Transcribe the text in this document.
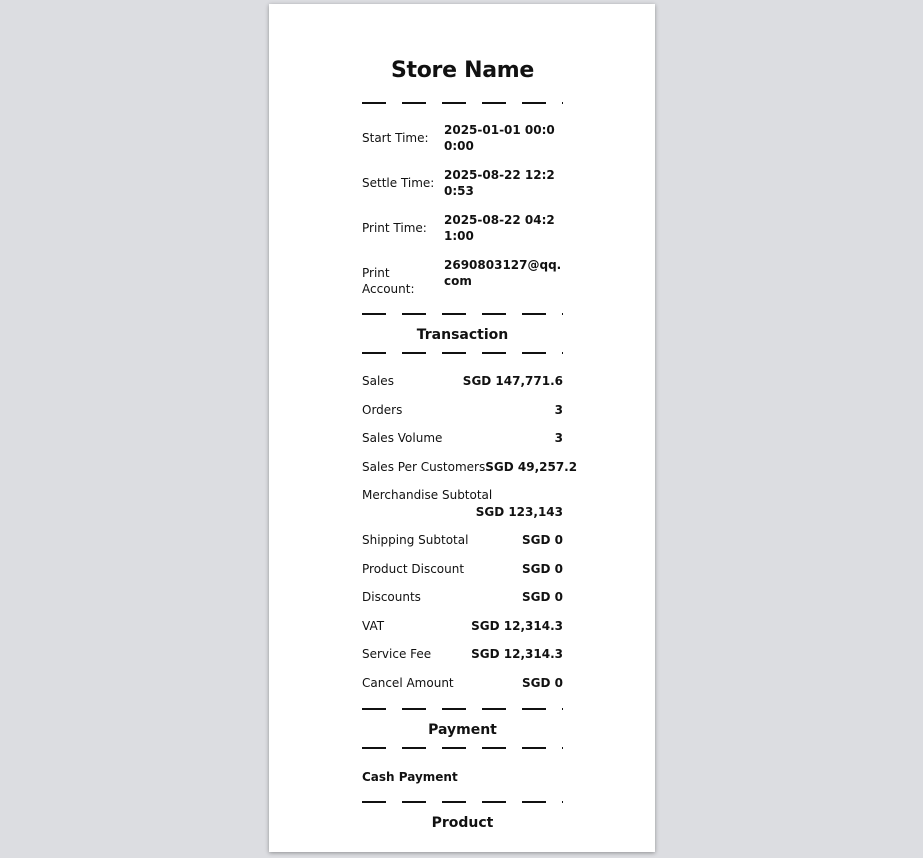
Store Name
Start Time:
2025-01-01 00:00:00
Settle Time:
2025-08-22 12:20:53
Print Time:
2025-08-22 04:21:00
Print Account:
2690803127@qq.com
Transaction
Sales	SGD 147,771.6
Orders	3
Sales Volume	3
Sales Per Customers SGD 49,257.2
Merchandise Subtotal
SGD 123,143
Shipping Subtotal	SGD 0
Product Discount	SGD 0
Discounts	SGD 0
VAT	SGD 12,314.3
Service Fee	SGD 12,314.3
Cancel Amount	SGD 0
Payment
Cash Payment
Product
